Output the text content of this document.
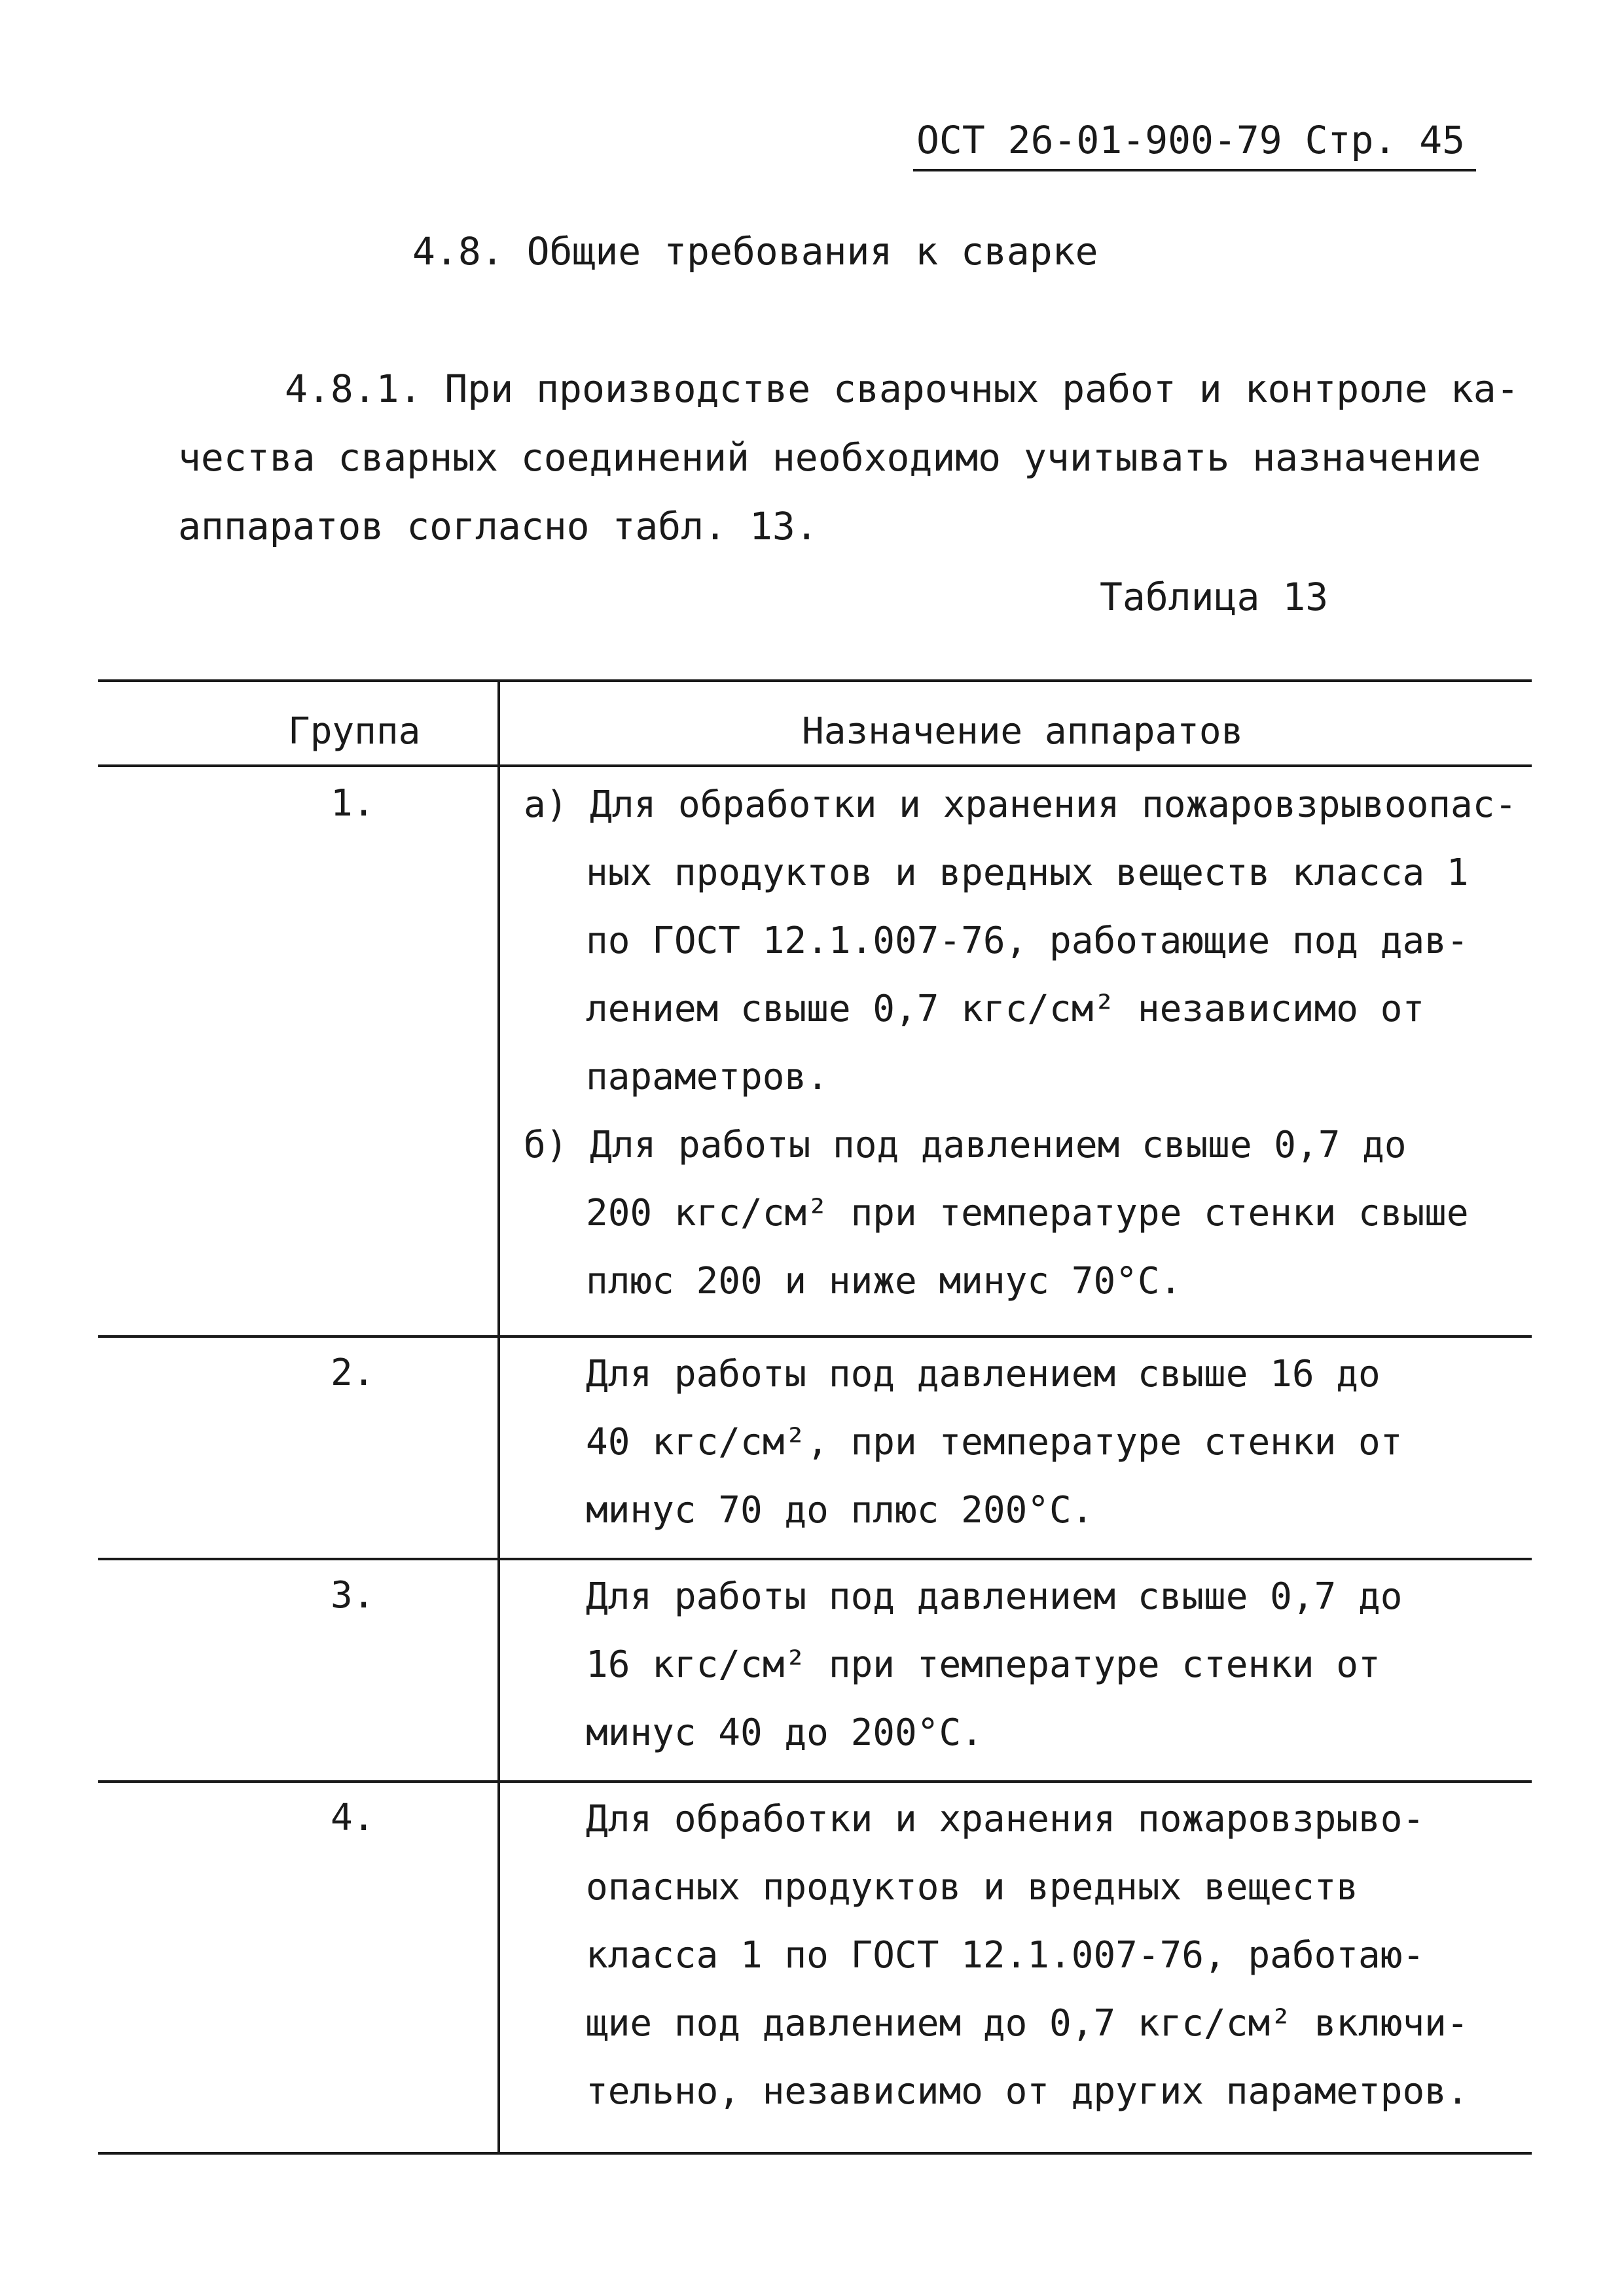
ОСТ 26-01-900-79 Стр. 45
4.8. Общие требования к сварке
4.8.1. При производстве сварочных работ и контроле ка-
чества сварных соединений необходимо учитывать назначение
аппаратов согласно табл. 13.
Таблица 13
Группа	Назначение аппаратов
1.	а) Для обработки и хранения пожаровзрывоопас-
ных продуктов и вредных веществ класса 1
по ГОСТ 12.1.007-76, работающие под дав-
лением свыше 0,7 кгс/см² независимо от
параметров.
б) Для работы под давлением свыше 0,7 до
200 кгс/см² при температуре стенки свыше
плюс 200 и ниже минус 70°С.
2.	Для работы под давлением свыше 16 до
40 кгс/см², при температуре стенки от
минус 70 до плюс 200°С.
3.	Для работы под давлением свыше 0,7 до
16 кгс/см² при температуре стенки от
минус 40 до 200°С.
4.	Для обработки и хранения пожаровзрыво-
опасных продуктов и вредных веществ
класса 1 по ГОСТ 12.1.007-76, работаю-
щие под давлением до 0,7 кгс/см² включи-
тельно, независимо от других параметров.
